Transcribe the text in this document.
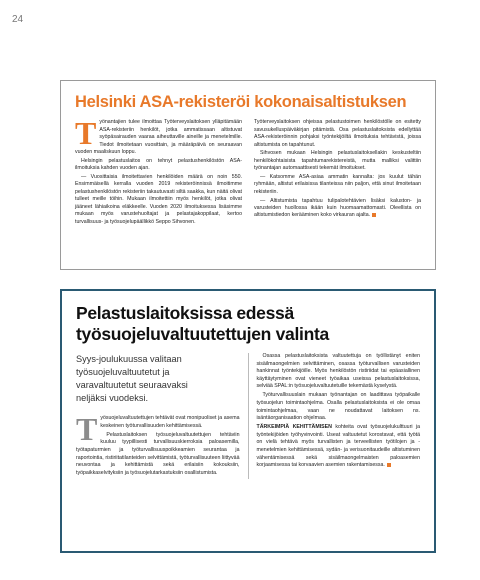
24
Helsinki ASA-rekisteröi kokonaisaltistuksen

Työnantajien tulee ilmoittaa Työterveyslaitoksen ylläpitämään ASA-rekisteriin henkilöt, jotka ammatissaan altistuvat syöpäsairauden vaaraa aiheuttaville aineille ja menetelmille. Tiedot ilmoitetaan vuosittain, ja määräpäivä on seuraavan vuoden maaliskuun loppu.

Helsingin pelastuslaitos on tehnyt pelastushenkilöstön ASA-ilmoituksia kahden vuoden ajan.

— Vuosittaisia ilmoitettavien henkilöiden määrä on noin 550. Ensimmäisellä kerralla vuoden 2019 rekisteröinnissä ilmoitimme pelastushenkilöstön rekisteriin takautuvasti siltä saakka, kun näitä olivat tulleet meille töihin. Mukaan ilmoitettiin myös henkilöt, jotka olivat jääneet lähiaikoina eläkkeelle. Vuoden 2020 ilmoituksessa lisäsimme mukaan myös varustehuoltajat ja pelastajakoppilaat, kertoo turvallisuus- ja työsuojelupäällikkö Seppo Sihvonen.

Työterveyslaitoksen ohjeissa pelastustoimen henkilöstölle on esitetty savusukelluspäiväkirjan pitämistä. Osa pelastuslaitoksista edellyttää ASA-rekisteröinnin pohjaksi työntekijöiltä ilmoituksia tehtävistä, joissa altistumista on tapahtunut.

Sihvosen mukaan Helsingin pelastuslaitoksellakin keskusteltiin henkilökohtaisista tapahtumarekistereistä, mutta malliksi valittiin työnantajan automaattisesti tekemät ilmoitukset.

— Katsomme ASA-asiaa ammatin kannalta: jos kuulut tähän ryhmään, altistut erilaisissa tilanteissa niin paljon, että sinut ilmoitetaan rekisteriin.

— Altistumista tapahtuu tulipalotehtävien lisäksi kaluston- ja varusteiden huollossa ikään kuin huomaamattomasti. Oleellista on altistumistiedon kerääminen koko virkauran ajalta.

Pelastuslaitoksissa edessä
työsuojeluvaltuutettujen valinta
Syys-joulukuussa valitaan
työsuojeluvaltuutetut ja
varavaltuutetut seuraavaksi
neljäksi vuodeksi.

Työsuojeluvaltuutettujen tehtävät ovat monipuoliset ja asema keskeinen työturvallisuuden kehittämisessä.

Pelastuslaitoksen työsuojeluvaltuutettujen tehtäviin kuuluu tyypillisesti turvallisuuskierroksia paloasemilla, työtapaturmien ja työturvallisuuspoikkeamien seurantaa ja raportointia, ristiriitatilanteiden selvittämistä, työturvallisuuteen liittyvää neuvontaa ja kehittämistä sekä erilaisiin kokouksiin, työpaikkaselvityksiin ja työsuojelutarkastuksiin osallistumista.

Osassa pelastuslaitoksista valtuutettuja on työllistänyt eniten sisäilmaongelmien selvittäminen, osassa työturvallisen varusteiden hankinnat työntekijöille. Myös henkilöstön ristiriidat tai epäasiallinen käyttäytyminen ovat vieneet työaikaa useissa pelastuslaitoksissa, selviää SPAL:in työsuojeluvaltuutetuille tekemästä kyselystä.

Työturvallisuuslain mukaan työnantajan on laadittava työpaikalle työsuojelun toimintaohjelma. Osalla pelastuslaitoksista ei ole omaa toimintaohjelmaa, vaan ne noudattavat laitoksen ns. isäntäorganisaation ohjelmaa.

TÄRKEIMPIÄ KEHITTÄMISEN kohteita ovat työsuojelukulttuuri ja työntekijöiden työhyvinvointi. Useat valtuutetut korostavat, että työtä on vielä tehtävä myös turvallisten ja terveellisten työtilojen ja -menetelmien kehittämisessä, sydän- ja verisuonitaudeille altistuminen vähentämisessä sekä sisäilmaongelmaisten paloasemien korjaamisessa tai korvaavien asemien rakentamisessa.
